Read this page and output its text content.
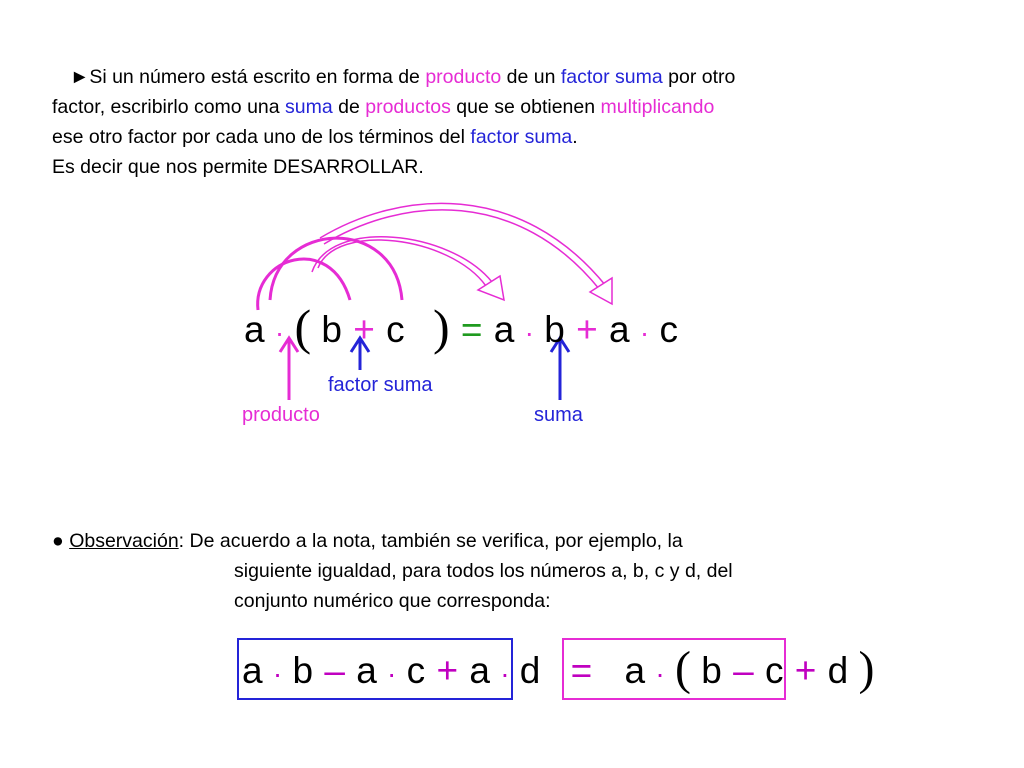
►Si un número está escrito en forma de producto de un factor suma por otro
factor, escribirlo como una suma de productos que se obtienen multiplicando
ese otro factor por cada uno de los términos del factor suma.
Es decir que nos permite DESARROLLAR.
a · ( b + c ) = a · b + a · c
factor suma
producto	suma
● Observación: De acuerdo a la nota, también se verifica, por ejemplo, la
siguiente igualdad, para todos los números a, b, c y d, del
conjunto numérico que corresponda:
a · b – a · c + a · d = a · ( b – c + d )
